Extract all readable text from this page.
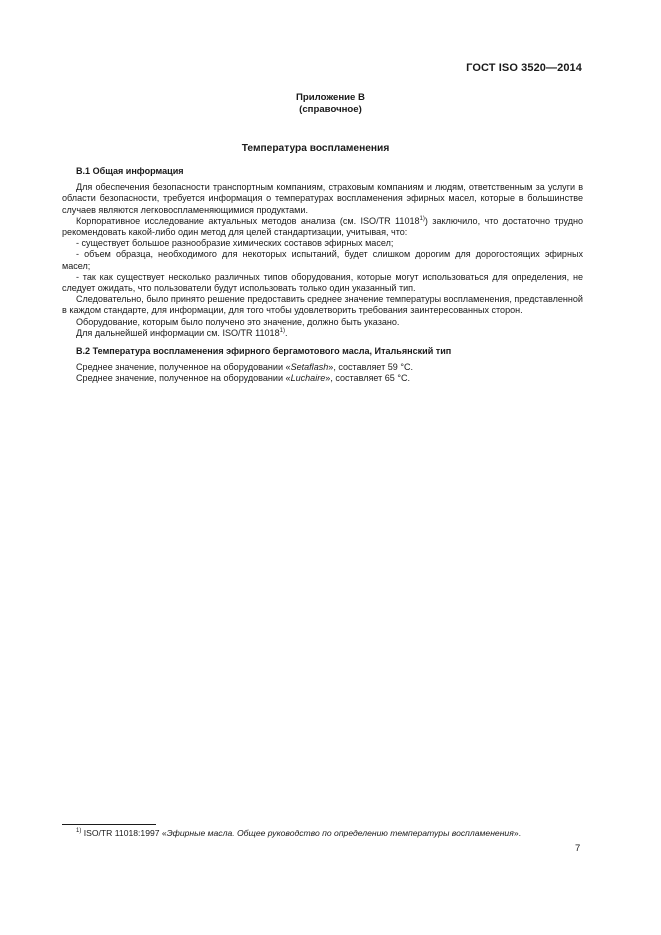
ГОСТ ISO 3520—2014
Приложение В
(справочное)
Температура воспламенения
В.1 Общая информация

Для обеспечения безопасности транспортным компаниям, страховым компаниям и людям, ответственным за услуги в области безопасности, требуется информация о температурах воспламенения эфирных масел, которые в большинстве случаев являются легковоспламеняющимися продуктами.

Корпоративное исследование актуальных методов анализа (см. ISO/TR 11018$^{1)}$) заключило, что достаточно трудно рекомендовать какой-либо один метод для целей стандартизации, учитывая, что:

- существует большое разнообразие химических составов эфирных масел;

- объем образца, необходимого для некоторых испытаний, будет слишком дорогим для дорогостоящих эфирных масел;

- так как существует несколько различных типов оборудования, которые могут использоваться для определения, не следует ожидать, что пользователи будут использовать только один указанный тип.

Следовательно, было принято решение предоставить среднее значение температуры воспламенения, представленной в каждом стандарте, для информации, для того чтобы удовлетворить требования заинтересованных сторон.

Оборудование, которым было получено это значение, должно быть указано.

Для дальнейшей информации см. ISO/TR 11018$^{1)}$.

В.2 Температура воспламенения эфирного бергамотового масла, Итальянский тип

Среднее значение, полученное на оборудовании «Setaflash», составляет 59 °С.

Среднее значение, полученное на оборудовании «Luchaire», составляет 65 °С.

$^{1)}$ ISO/TR 11018:1997 «Эфирные масла. Общее руководство по определению температуры воспламенения».
7
